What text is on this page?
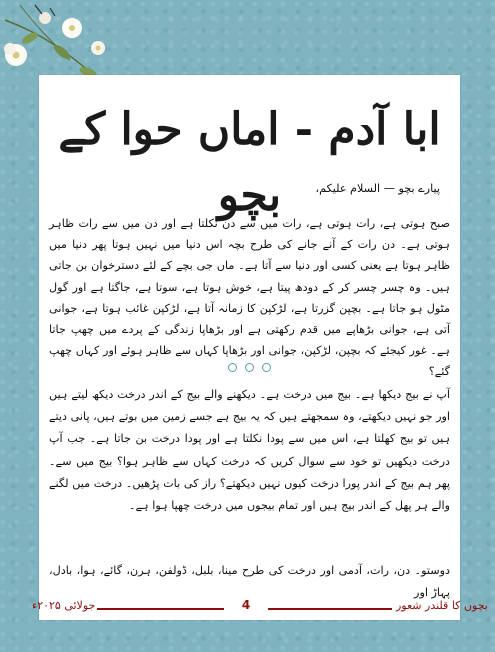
ابا آدم - اماں حوا کے بچو	پیارے بچو — السلام علیکم،
صبح ہوتی ہے، رات ہوتی ہے، رات میں سے دن نکلتا ہے اور دن میں سے رات ظاہر ہوتی ہے۔ دن رات کے آنے جانے کی طرح بچہ اس دنیا میں نہیں ہوتا پھر دنیا میں ظاہر ہوتا ہے یعنی کسی اور دنیا سے آتا ہے۔ ماں جی بچے کے لئے دسترخوان بن جاتی ہیں۔ وہ چسر چسر کر کے دودھ پیتا ہے، خوش ہوتا ہے، سوتا ہے، جاگتا ہے اور گول مٹول ہو جاتا ہے۔ بچپن گزرتا ہے، لڑکپن کا زمانہ آتا ہے، لڑکپن غائب ہوتا ہے، جوانی آتی ہے، جوانی بڑھاپے میں قدم رکھتی ہے اور بڑھاپا زندگی کے پردے میں چھپ جاتا ہے۔ غور کیجئے کہ بچپن، لڑکپن، جوانی اور بڑھاپا کہاں سے ظاہر ہوئے اور کہاں چھپ گئے؟

آپ نے بیج دیکھا ہے۔ بیج میں درخت ہے۔ دیکھنے والے بیج کے اندر درخت دیکھ لیتے ہیں اور جو نہیں دیکھتے، وہ سمجھتے ہیں کہ یہ بیج ہے جسے زمین میں بوتے ہیں، پانی دیتے ہیں تو بیج کھلتا ہے، اس میں سے پودا نکلتا ہے اور پودا درخت بن جاتا ہے۔ جب آپ درخت دیکھیں تو خود سے سوال کریں کہ درخت کہاں سے ظاہر ہوا؟ بیج میں سے۔ پھر ہم بیج کے اندر پورا درخت کیوں نہیں دیکھتے؟ راز کی بات پڑھیں۔ درخت میں لگنے والے ہر پھل کے اندر بیج ہیں اور تمام بیجوں میں درخت چھپا ہوا ہے۔
دوستو۔ دن، رات، آدمی اور درخت کی طرح مینا، بلبل، ڈولفن، ہرن، گائے، ہوا، بادل، پہاڑ اور
جولائی ۲۰۲۵ء	4	بچوں کا قلندر شعور
